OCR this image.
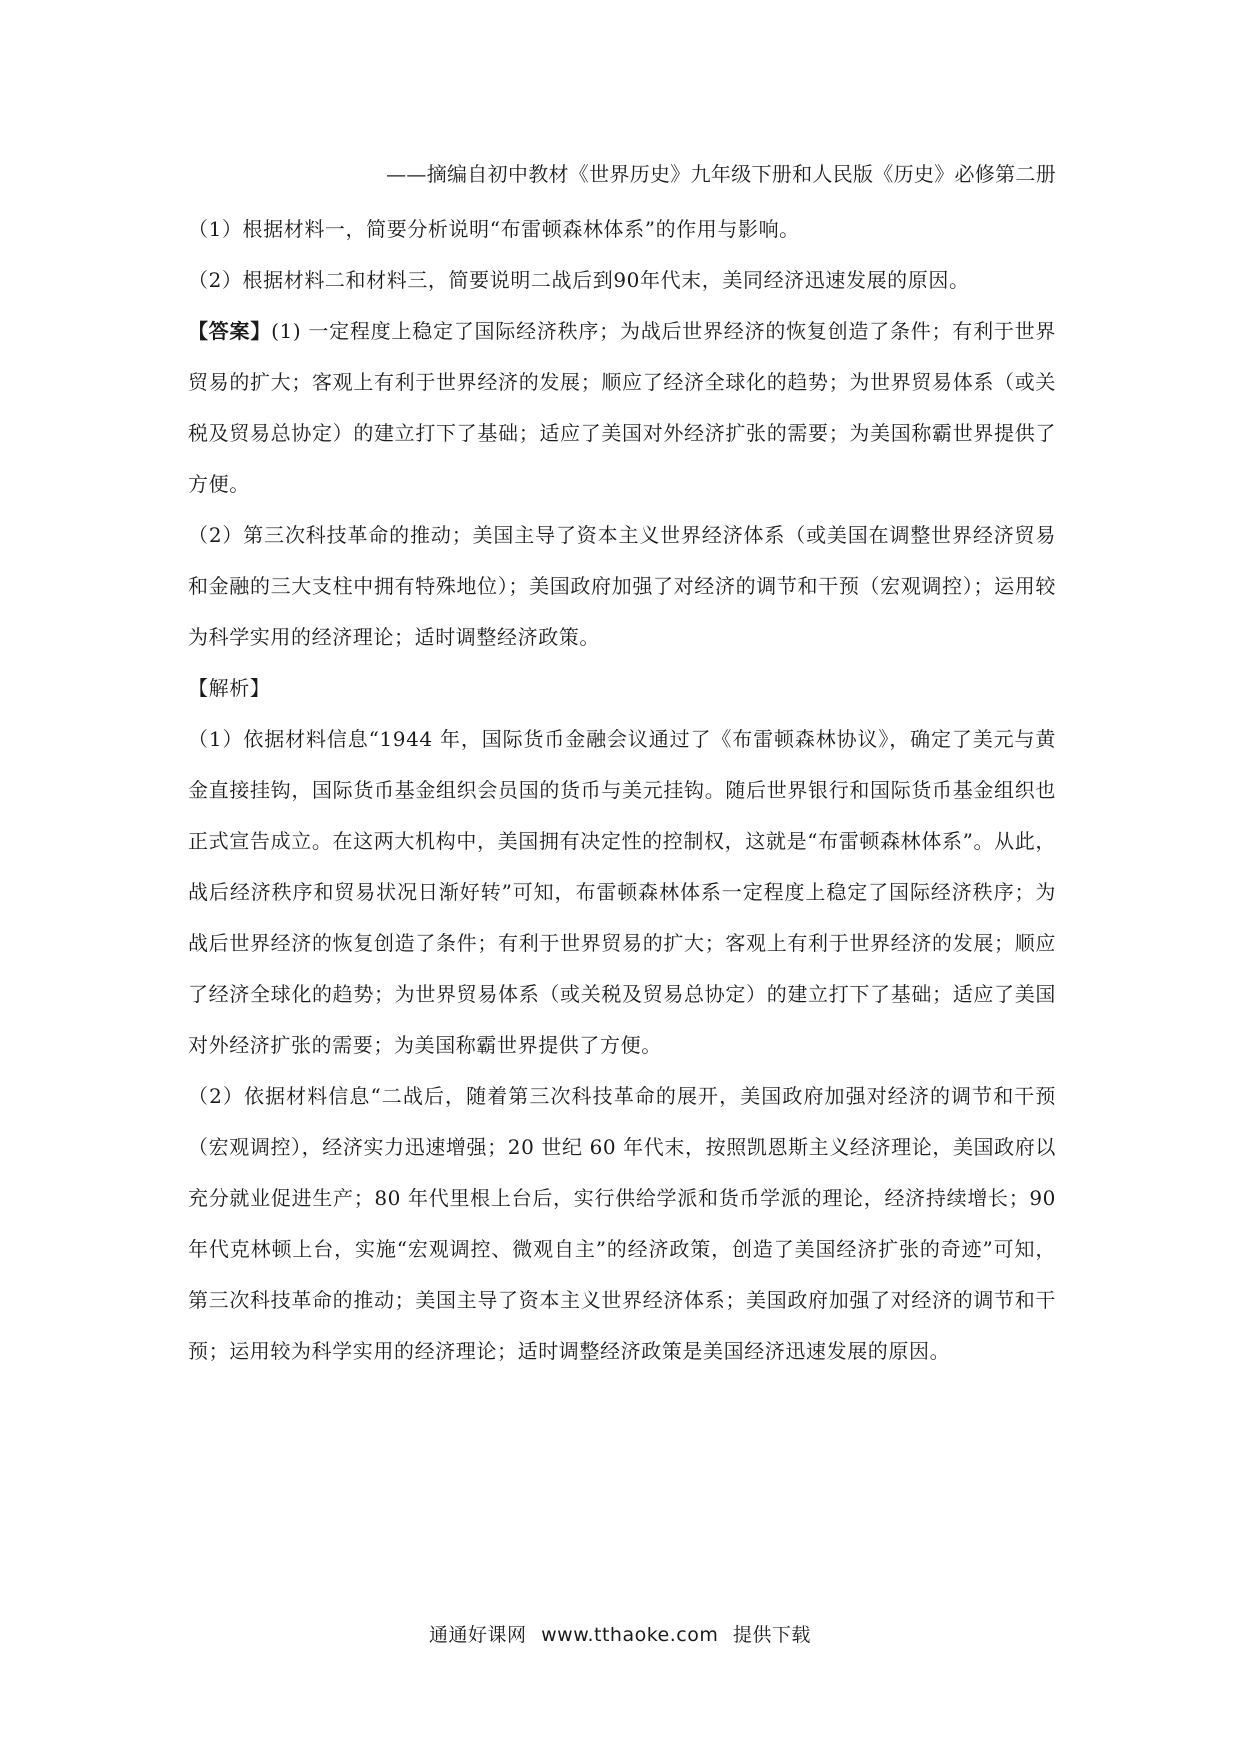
——摘编自初中教材《世界历史》九年级下册和人民版《历史》必修第二册

（1）根据材料一，简要分析说明“布雷顿森林体系”的作用与影响。

（2）根据材料二和材料三，简要说明二战后到90年代末，美同经济迅速发展的原因。

【答案】(1) 一定程度上稳定了国际经济秩序；为战后世界经济的恢复创造了条件；有利于世界贸易的扩大；客观上有利于世界经济的发展；顺应了经济全球化的趋势；为世界贸易体系（或关税及贸易总协定）的建立打下了基础；适应了美国对外经济扩张的需要；为美国称霸世界提供了方便。

（2）第三次科技革命的推动；美国主导了资本主义世界经济体系（或美国在调整世界经济贸易和金融的三大支柱中拥有特殊地位）；美国政府加强了对经济的调节和干预（宏观调控）；运用较为科学实用的经济理论；适时调整经济政策。

【解析】

（1）依据材料信息“1944 年，国际货币金融会议通过了《布雷顿森林协议》，确定了美元与黄金直接挂钩，国际货币基金组织会员国的货币与美元挂钩。随后世界银行和国际货币基金组织也正式宣告成立。在这两大机构中，美国拥有决定性的控制权，这就是“布雷顿森林体系”。从此，战后经济秩序和贸易状况日渐好转”可知，布雷顿森林体系一定程度上稳定了国际经济秩序；为战后世界经济的恢复创造了条件；有利于世界贸易的扩大；客观上有利于世界经济的发展；顺应了经济全球化的趋势；为世界贸易体系（或关税及贸易总协定）的建立打下了基础；适应了美国对外经济扩张的需要；为美国称霸世界提供了方便。

（2）依据材料信息“二战后，随着第三次科技革命的展开，美国政府加强对经济的调节和干预（宏观调控），经济实力迅速增强；20 世纪 60 年代末，按照凯恩斯主义经济理论，美国政府以充分就业促进生产；80 年代里根上台后，实行供给学派和货币学派的理论，经济持续增长；90 年代克林顿上台，实施“宏观调控、微观自主”的经济政策，创造了美国经济扩张的奇迹”可知，第三次科技革命的推动；美国主导了资本主义世界经济体系；美国政府加强了对经济的调节和干预；运用较为科学实用的经济理论；适时调整经济政策是美国经济迅速发展的原因。

通通好课网 www.tthaoke.com 提供下载
